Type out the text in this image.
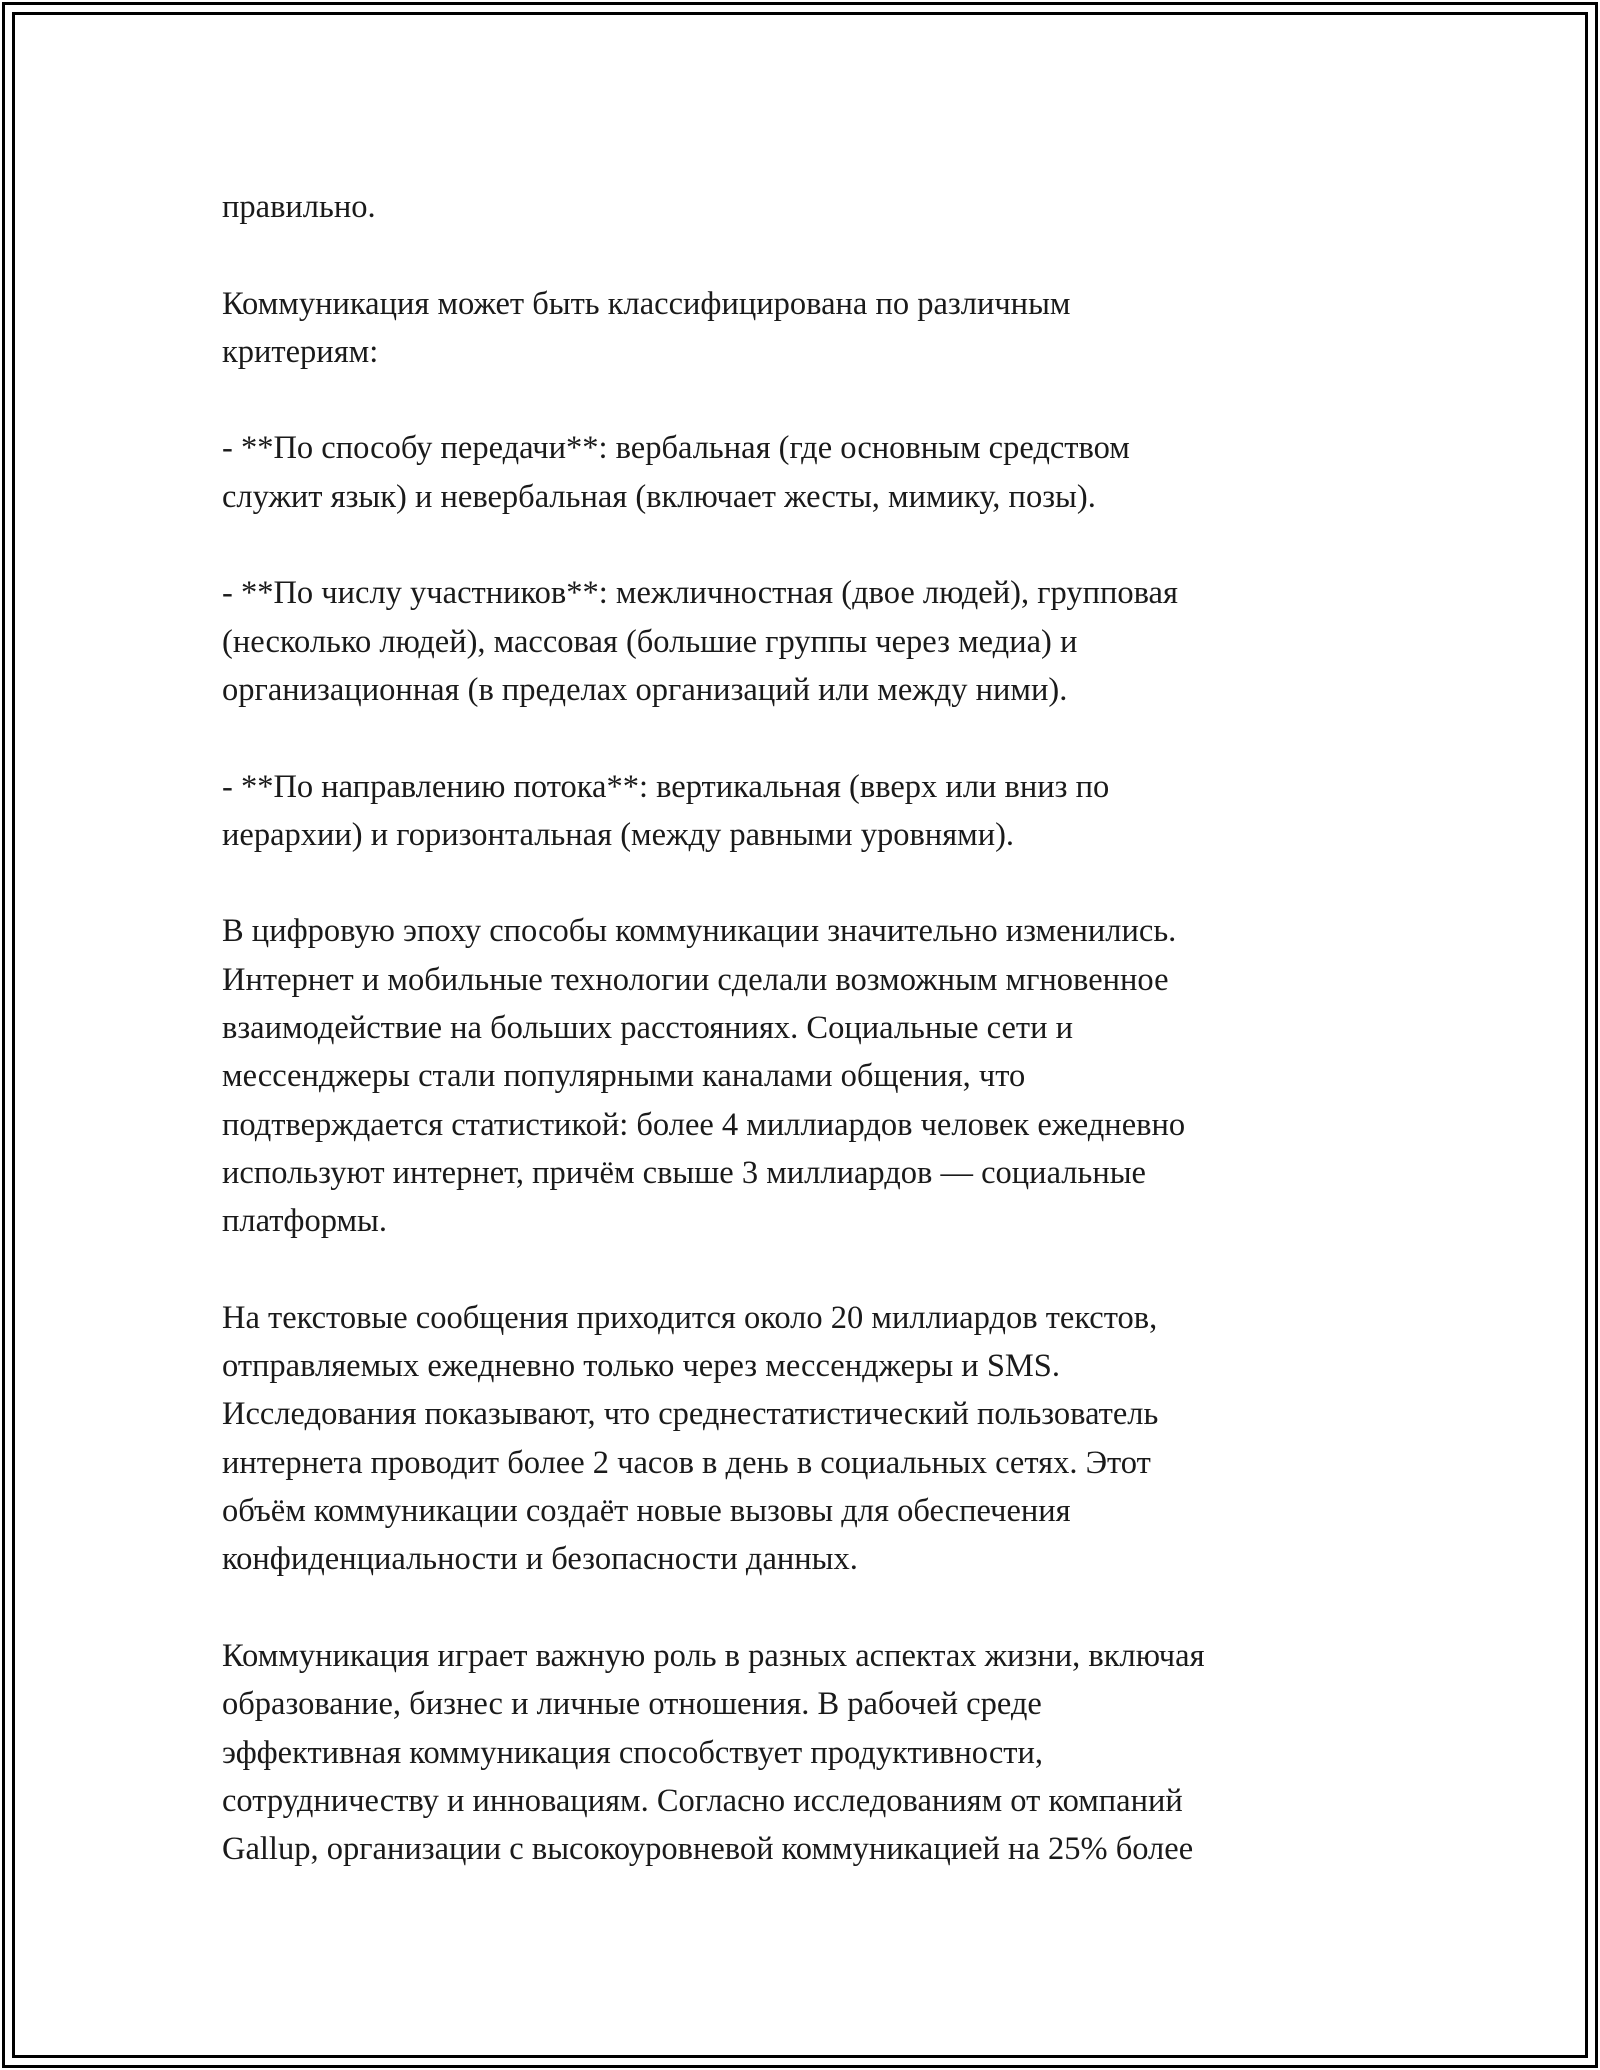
правильно.

Коммуникация может быть классифицирована по различным
критериям:

- **По способу передачи**: вербальная (где основным средством
служит язык) и невербальная (включает жесты, мимику, позы).

- **По числу участников**: межличностная (двое людей), групповая
(несколько людей), массовая (большие группы через медиа) и
организационная (в пределах организаций или между ними).

- **По направлению потока**: вертикальная (вверх или вниз по
иерархии) и горизонтальная (между равными уровнями).

В цифровую эпоху способы коммуникации значительно изменились.
Интернет и мобильные технологии сделали возможным мгновенное
взаимодействие на больших расстояниях. Социальные сети и
мессенджеры стали популярными каналами общения, что
подтверждается статистикой: более 4 миллиардов человек ежедневно
используют интернет, причём свыше 3 миллиардов — социальные
платформы.

На текстовые сообщения приходится около 20 миллиардов текстов,
отправляемых ежедневно только через мессенджеры и SMS.
Исследования показывают, что среднестатистический пользователь
интернета проводит более 2 часов в день в социальных сетях. Этот
объём коммуникации создаёт новые вызовы для обеспечения
конфиденциальности и безопасности данных.

Коммуникация играет важную роль в разных аспектах жизни, включая
образование, бизнес и личные отношения. В рабочей среде
эффективная коммуникация способствует продуктивности,
сотрудничеству и инновациям. Согласно исследованиям от компаний
Gallup, организации с высокоуровневой коммуникацией на 25% более
